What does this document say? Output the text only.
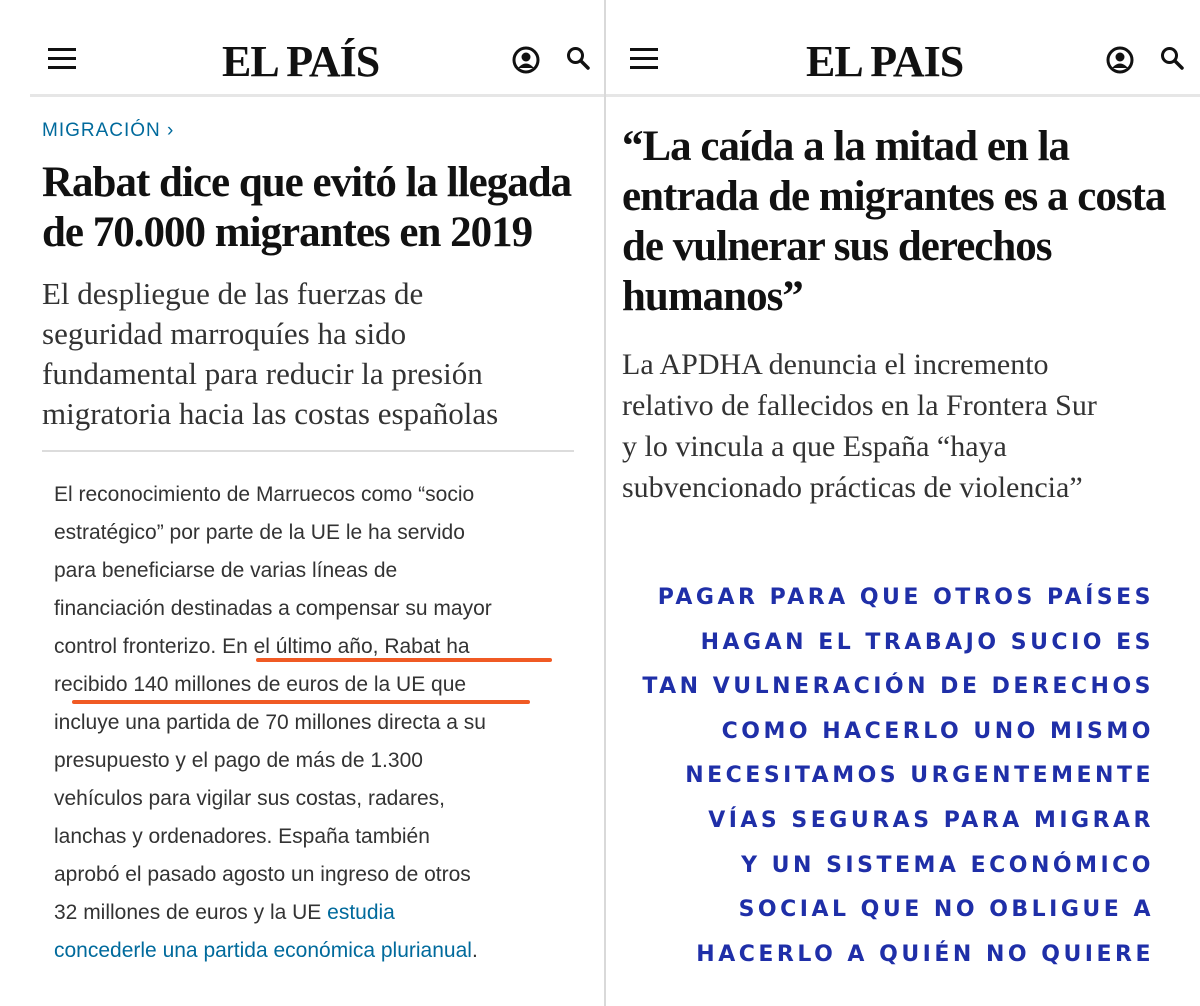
EL PAÍS
MIGRACIÓN ›
Rabat dice que evitó la llegada
de 70.000 migrantes en 2019
El despliegue de las fuerzas de
seguridad marroquíes ha sido
fundamental para reducir la presión
migratoria hacia las costas españolas
El reconocimiento de Marruecos como “socio
estratégico” por parte de la UE le ha servido
para beneficiarse de varias líneas de
financiación destinadas a compensar su mayor
control fronterizo. En el último año, Rabat ha
recibido 140 millones de euros de la UE que
incluye una partida de 70 millones directa a su
presupuesto y el pago de más de 1.300
vehículos para vigilar sus costas, radares,
lanchas y ordenadores. España también
aprobó el pasado agosto un ingreso de otros
32 millones de euros y la UE estudia
concederle una partida económica plurianual.
EL PAIS
“La caída a la mitad en la
entrada de migrantes es a costa
de vulnerar sus derechos
humanos”
La APDHA denuncia el incremento
relativo de fallecidos en la Frontera Sur
y lo vincula a que España “haya
subvencionado prácticas de violencia”
PAGAR PARA QUE OTROS PAÍSES
HAGAN EL TRABAJO SUCIO ES
TAN VULNERACIÓN DE DERECHOS
COMO HACERLO UNO MISMO
NECESITAMOS URGENTEMENTE
VÍAS SEGURAS PARA MIGRAR
Y UN SISTEMA ECONÓMICO
SOCIAL QUE NO OBLIGUE A
HACERLO A QUIÉN NO QUIERE
